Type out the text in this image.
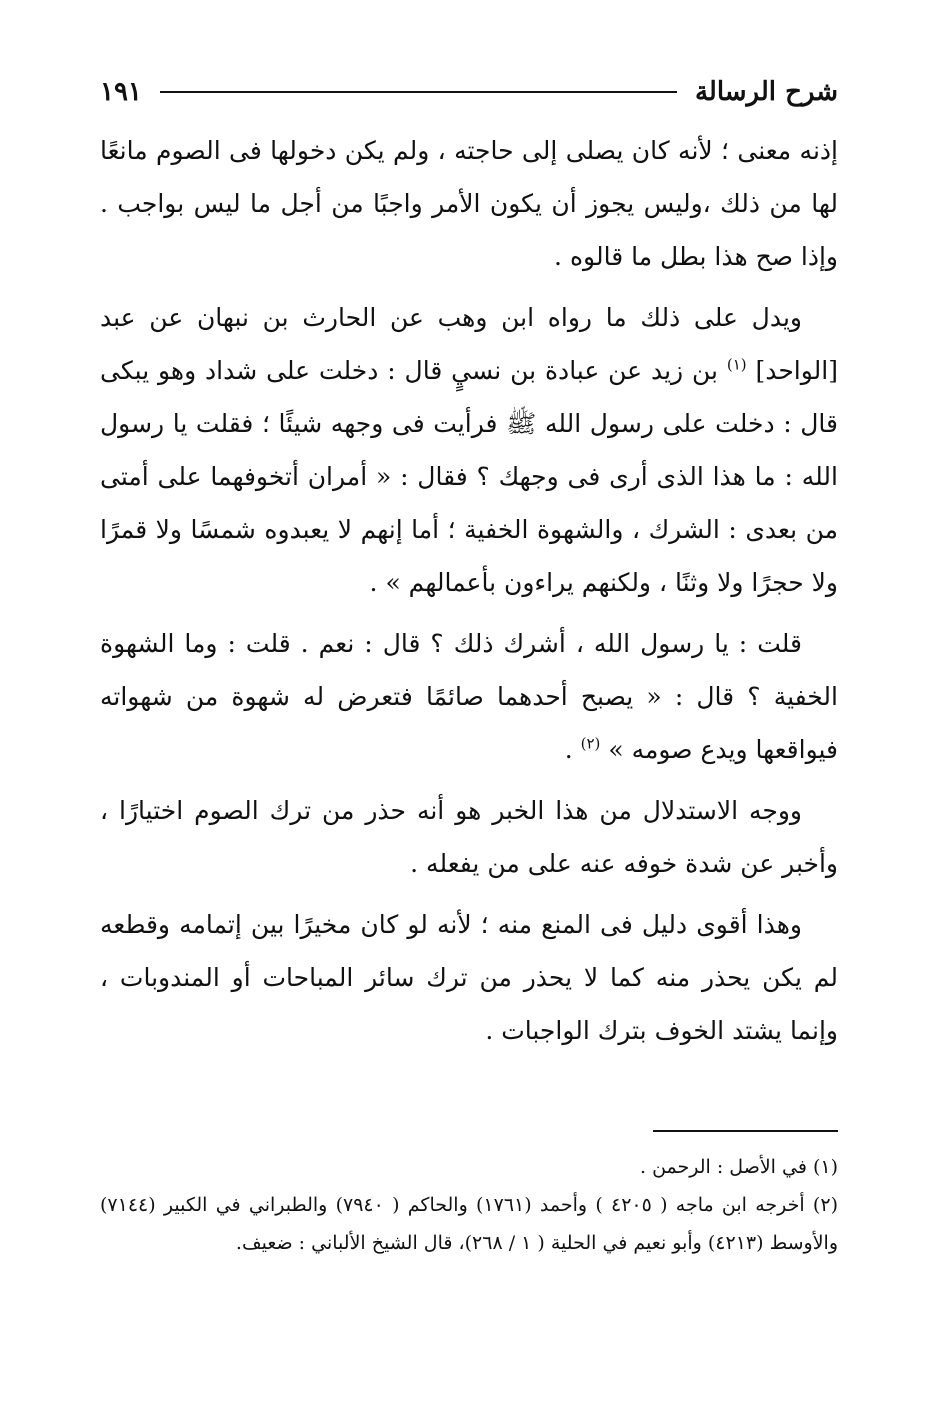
شرح الرسالة
١٩١

إذنه معنى ؛ لأنه كان يصلى إلى حاجته ، ولم يكن دخولها فى الصوم مانعًا لها من ذلك ،وليس يجوز أن يكون الأمر واجبًا من أجل ما ليس بواجب . وإذا صح هذا بطل ما قالوه .

ويدل على ذلك ما رواه ابن وهب عن الحارث بن نبهان عن عبد [الواحد] $^{(١)}$ بن زيد عن عبادة بن نسيٍ قال : دخلت على شداد وهو يبكى قال : دخلت على رسول الله ﷺ فرأيت فى وجهه شيئًا ؛ فقلت يا رسول الله : ما هذا الذى أرى فى وجهك ؟ فقال : « أمران أتخوفهما على أمتى من بعدى : الشرك ، والشهوة الخفية ؛ أما إنهم لا يعبدوه شمسًا ولا قمرًا ولا حجرًا ولا وثنًا ، ولكنهم يراءون بأعمالهم » .

قلت : يا رسول الله ، أشرك ذلك ؟ قال : نعم . قلت : وما الشهوة الخفية ؟ قال : « يصبح أحدهما صائمًا فتعرض له شهوة من شهواته فيواقعها ويدع صومه » $^{(٢)}$ .

ووجه الاستدلال من هذا الخبر هو أنه حذر من ترك الصوم اختيارًا ، وأخبر عن شدة خوفه عنه على من يفعله .

وهذا أقوى دليل فى المنع منه ؛ لأنه لو كان مخيرًا بين إتمامه وقطعه لم يكن يحذر منه كما لا يحذر من ترك سائر المباحات أو المندوبات ، وإنما يشتد الخوف بترك الواجبات .

(١) في الأصل : الرحمن .

(٢) أخرجه ابن ماجه ( ٤٢٠٥ ) وأحمد (١٧٦١) والحاكم ( ٧٩٤٠) والطبراني في الكبير (٧١٤٤) والأوسط (٤٢١٣) وأبو نعيم في الحلية ( ١ / ٢٦٨)، قال الشيخ الألباني : ضعيف.
